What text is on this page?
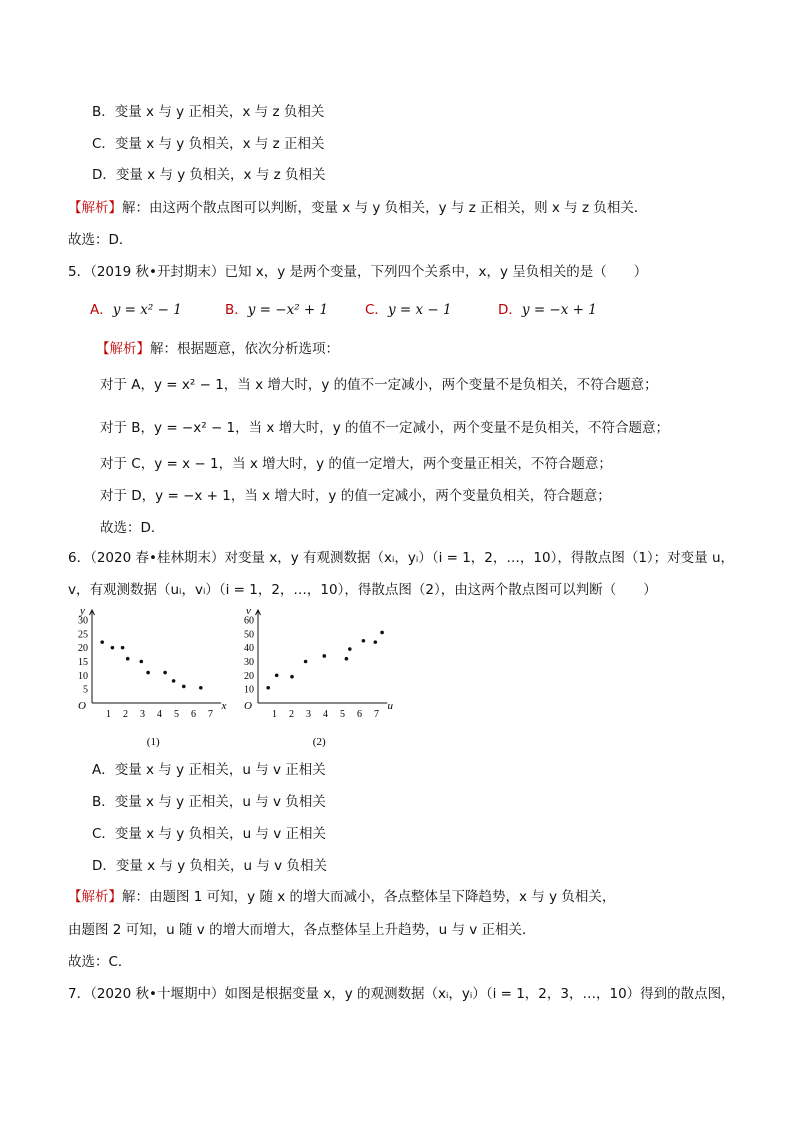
B．变量 x 与 y 正相关，x 与 z 负相关
C．变量 x 与 y 负相关，x 与 z 正相关
D．变量 x 与 y 负相关，x 与 z 负相关
【解析】解：由这两个散点图可以判断，变量 x 与 y 负相关，y 与 z 正相关，则 x 与 z 负相关．
故选：D．
5．（2019 秋•开封期末）已知 x，y 是两个变量，下列四个关系中，x，y 呈负相关的是（　　）
A．y = x² − 1	B．y = −x² + 1	C．y = x − 1	D．y = −x + 1
【解析】解：根据题意，依次分析选项：
对于 A，y = x² − 1，当 x 增大时，y 的值不一定减小，两个变量不是负相关，不符合题意；
对于 B，y = −x² − 1，当 x 增大时，y 的值不一定减小，两个变量不是负相关，不符合题意；
对于 C，y = x − 1，当 x 增大时，y 的值一定增大，两个变量正相关，不符合题意；
对于 D，y = −x + 1，当 x 增大时，y 的值一定减小，两个变量负相关，符合题意；
故选：D．
6．（2020 春•桂林期末）对变量 x，y 有观测数据（xᵢ，yᵢ）（i = 1，2，…，10），得散点图（1）；对变量 u，
v，有观测数据（uᵢ，vᵢ）（i = 1，2，…，10），得散点图（2），由这两个散点图可以判断（　　）
y
x
O
1 2 3 4 5 6 7
5
10
15
20
25
30
(1)
v
u
O
1 2 3 4 5 6 7
10
20
30
40
50
60
(2)
A．变量 x 与 y 正相关，u 与 v 正相关
B．变量 x 与 y 正相关，u 与 v 负相关
C．变量 x 与 y 负相关，u 与 v 正相关
D．变量 x 与 y 负相关，u 与 v 负相关
【解析】解：由题图 1 可知，y 随 x 的增大而减小，各点整体呈下降趋势，x 与 y 负相关，
由题图 2 可知，u 随 v 的增大而增大，各点整体呈上升趋势，u 与 v 正相关．
故选：C．
7．（2020 秋•十堰期中）如图是根据变量 x，y 的观测数据（xᵢ，yᵢ）（i = 1，2，3，…，10）得到的散点图，
